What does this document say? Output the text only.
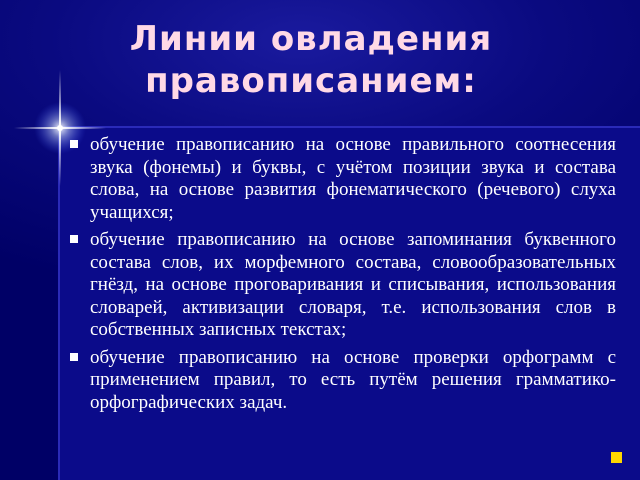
Линии овладения
правописанием:
обучение правописанию на основе правильного соотнесения звука (фонемы) и буквы, с учётом позиции звука и состава слова, на основе развития фонематического (речевого) слуха учащихся;
обучение правописанию на основе запоминания буквенного состава слов, их морфемного состава, словообразовательных гнёзд, на основе проговаривания и списывания, использования словарей, активизации словаря, т.е. использования слов в собственных записных текстах;
обучение правописанию на основе проверки орфограмм с применением правил, то есть путём решения грамматико-орфографических задач.
